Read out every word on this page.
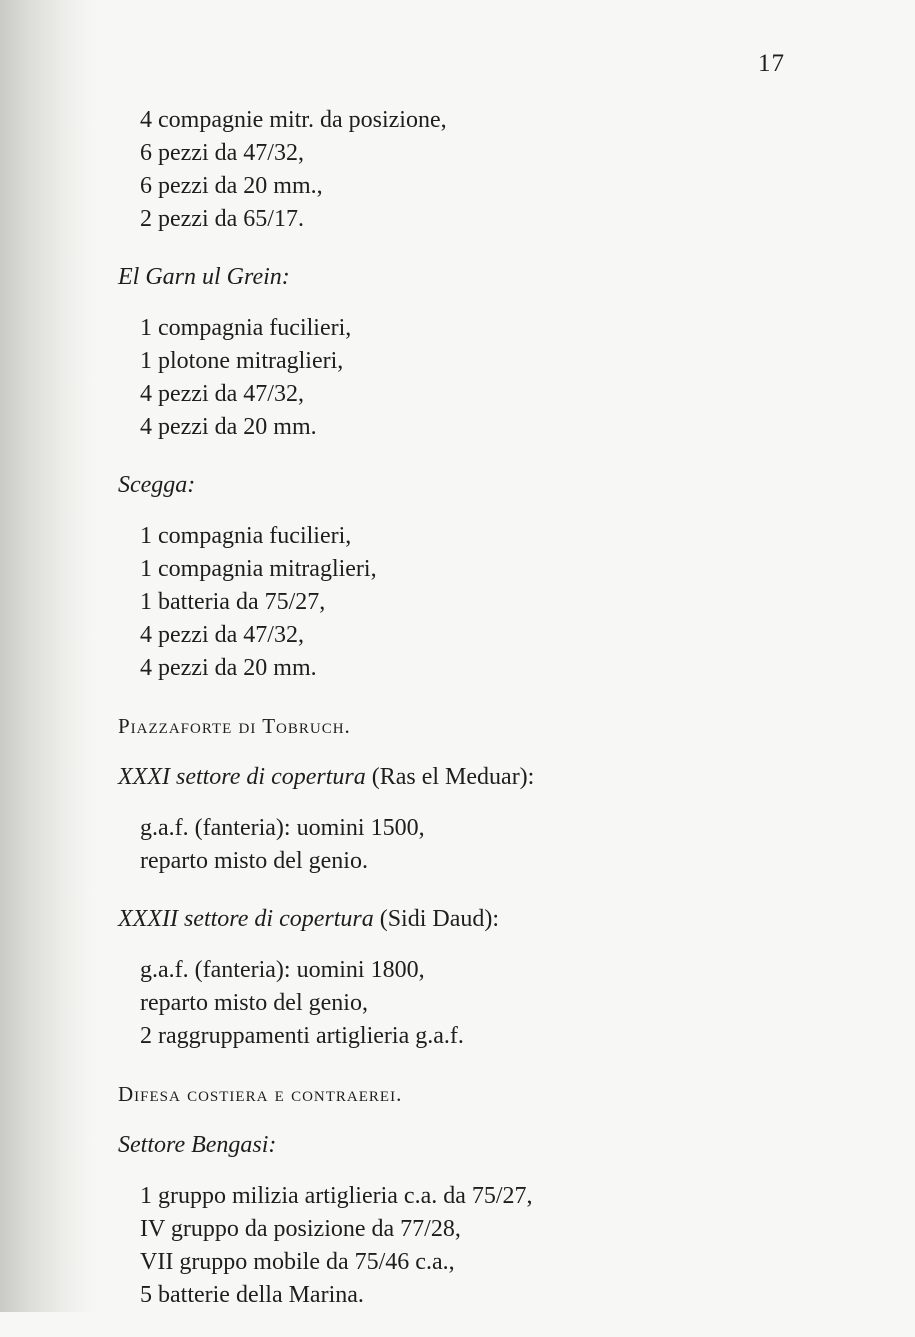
17
4 compagnie mitr. da posizione,
6 pezzi da 47/32,
6 pezzi da 20 mm.,
2 pezzi da 65/17.
El Garn ul Grein:
1 compagnia fucilieri,
1 plotone mitraglieri,
4 pezzi da 47/32,
4 pezzi da 20 mm.
Scegga:
1 compagnia fucilieri,
1 compagnia mitraglieri,
1 batteria da 75/27,
4 pezzi da 47/32,
4 pezzi da 20 mm.
Piazzaforte di Tobruch.
XXXI settore di copertura (Ras el Meduar):
g.a.f. (fanteria): uomini 1500,
reparto misto del genio.
XXXII settore di copertura (Sidi Daud):
g.a.f. (fanteria): uomini 1800,
reparto misto del genio,
2 raggruppamenti artiglieria g.a.f.
Difesa costiera e contraerei.
Settore Bengasi:
1 gruppo milizia artiglieria c.a. da 75/27,
IV gruppo da posizione da 77/28,
VII gruppo mobile da 75/46 c.a.,
5 batterie della Marina.
